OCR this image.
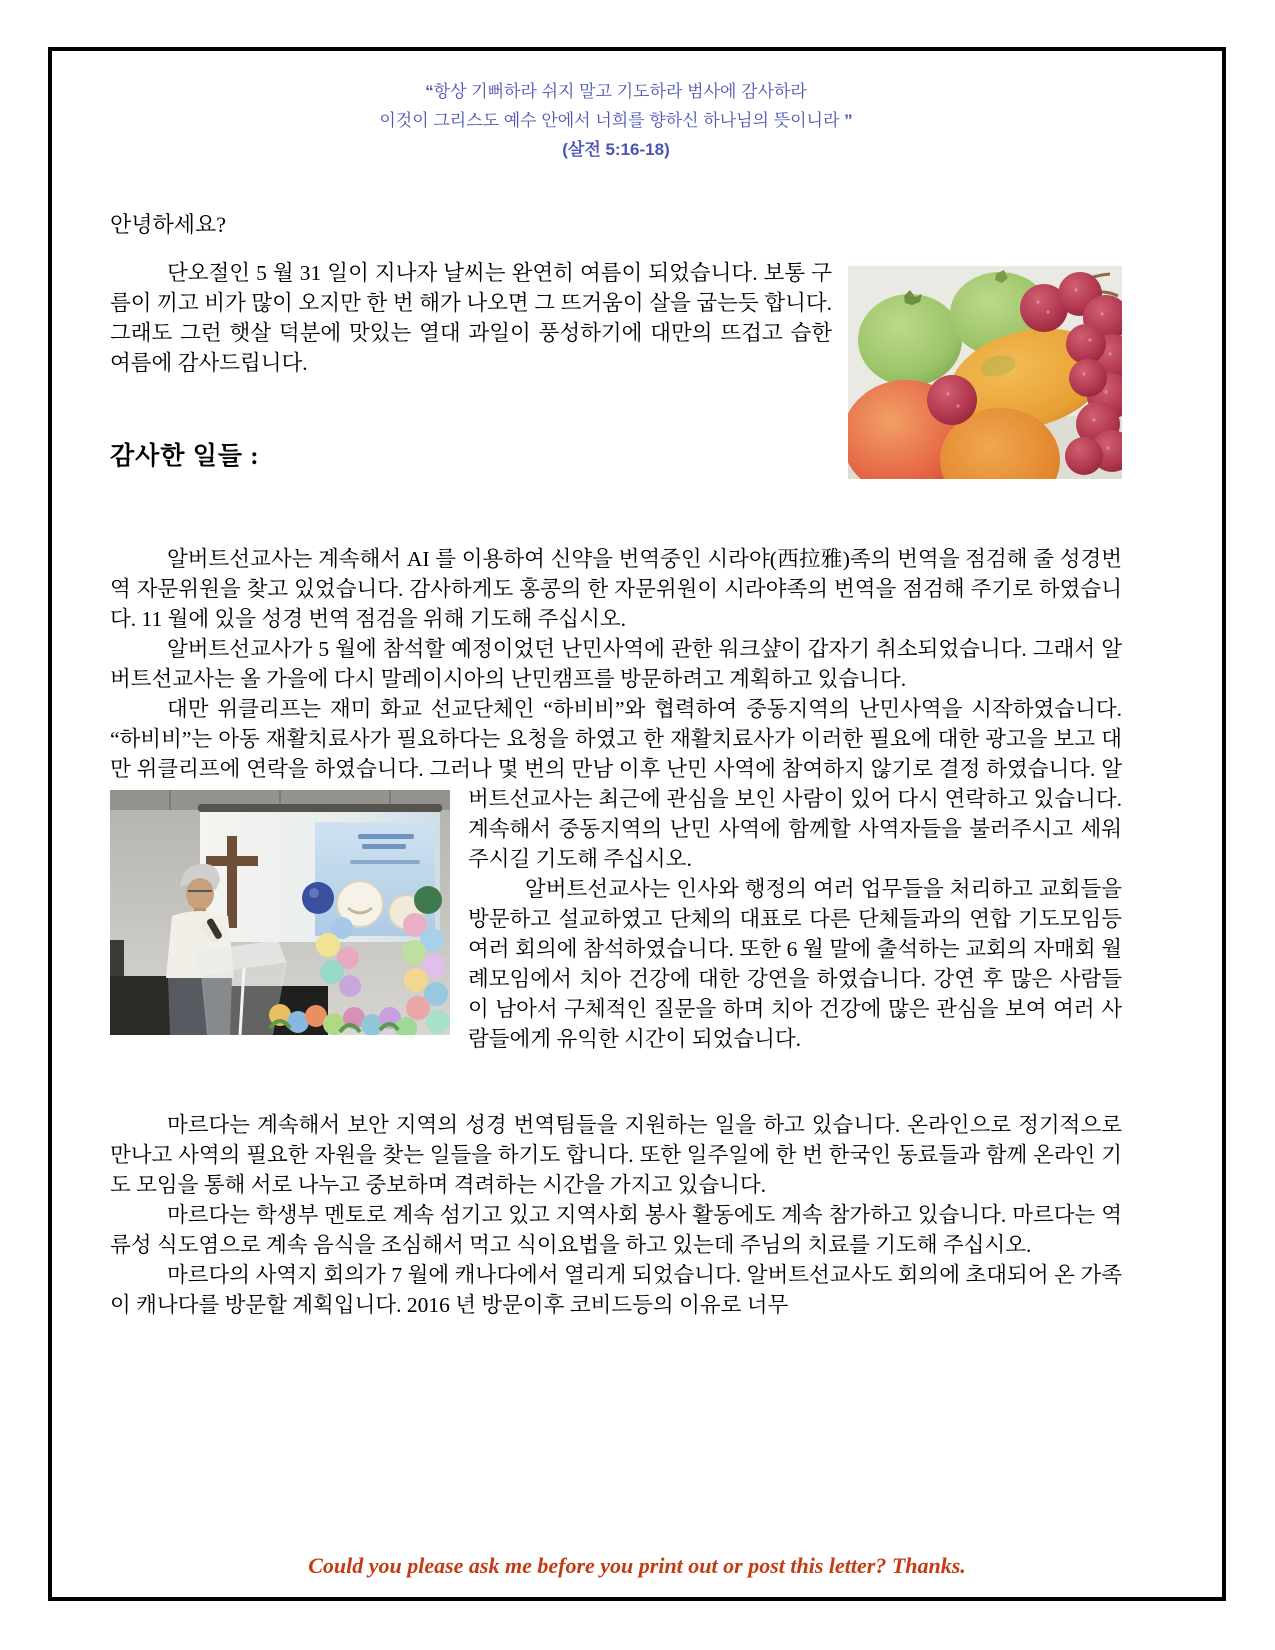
“항상 기뻐하라 쉬지 말고 기도하라 범사에 감사하라
이것이 그리스도 예수 안에서 너희를 향하신 하나님의 뜻이니라 ”
(살전 5:16-18)
안녕하세요?

단오절인 5 월 31 일이 지나자 날씨는 완연히 여름이 되었습니다. 보통 구름이 끼고 비가 많이 오지만 한 번 해가 나오면 그 뜨거움이 살을 굽는듯 합니다. 그래도 그런 햇살 덕분에 맛있는 열대 과일이 풍성하기에 대만의 뜨겁고 습한 여름에 감사드립니다.

감사한 일들 :

알버트선교사는 계속해서 AI 를 이용하여 신약을 번역중인 시라야(西拉雅)족의 번역을 점검해 줄 성경번역 자문위원을 찾고 있었습니다. 감사하게도 홍콩의 한 자문위원이 시라야족의 번역을 점검해 주기로 하였습니다. 11 월에 있을 성경 번역 점검을 위해 기도해 주십시오.

알버트선교사가 5 월에 참석할 예정이었던 난민사역에 관한 워크샾이 갑자기 취소되었습니다. 그래서 알버트선교사는 올 가을에 다시 말레이시아의 난민캠프를 방문하려고 계획하고 있습니다.

대만 위클리프는 재미 화교 선교단체인 “하비비”와 협력하여 중동지역의 난민사역을 시작하였습니다. “하비비”는 아동 재활치료사가 필요하다는 요청을 하였고 한 재활치료사가 이러한 필요에 대한 광고을 보고 대만 위클리프에 연락을 하였습니다. 그러나 몇 번의 만남 이후 난민 사역에 참여하지 않기로 결정 하였습니다. 알버트선교사는 최근에 관심을 보인 사람이 있어 다시 연락하고 있습니다. 계속해서 중동지역의 난민 사역에 함께할 사역자들을 불러주시고 세워주시길 기도해 주십시오.

알버트선교사는 인사와 행정의 여러 업무들을 처리하고 교회들을 방문하고 설교하였고 단체의 대표로 다른 단체들과의 연합 기도모임등 여러 회의에 참석하였습니다. 또한 6 월 말에 출석하는 교회의 자매회 월례모임에서 치아 건강에 대한 강연을 하였습니다. 강연 후 많은 사람들이 남아서 구체적인 질문을 하며 치아 건강에 많은 관심을 보여 여러 사람들에게 유익한 시간이 되었습니다.

마르다는 계속해서 보안 지역의 성경 번역팀들을 지원하는 일을 하고 있습니다. 온라인으로 정기적으로 만나고 사역의 필요한 자원을 찾는 일들을 하기도 합니다. 또한 일주일에 한 번 한국인 동료들과 함께 온라인 기도 모임을 통해 서로 나누고 중보하며 격려하는 시간을 가지고 있습니다.

마르다는 학생부 멘토로 계속 섬기고 있고 지역사회 봉사 활동에도 계속 참가하고 있습니다. 마르다는 역류성 식도염으로 계속 음식을 조심해서 먹고 식이요법을 하고 있는데 주님의 치료를 기도해 주십시오.

마르다의 사역지 회의가 7 월에 캐나다에서 열리게 되었습니다. 알버트선교사도 회의에 초대되어 온 가족이 캐나다를 방문할 계획입니다. 2016 년 방문이후 코비드등의 이유로 너무

Could you please ask me before you print out or post this letter? Thanks.
